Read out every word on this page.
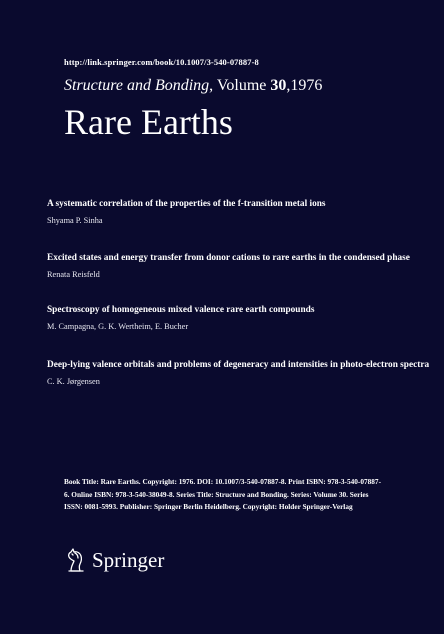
http://link.springer.com/book/10.1007/3-540-07887-8
Structure and Bonding, Volume 30,1976
Rare Earths
A systematic correlation of the properties of the f-transition metal ions
Shyama P. Sinha
Excited states and energy transfer from donor cations to rare earths in the condensed phase
Renata Reisfeld
Spectroscopy of homogeneous mixed valence rare earth compounds
M. Campagna, G. K. Wertheim, E. Bucher
Deep-lying valence orbitals and problems of degeneracy and intensities in photo-electron spectra
C. K. Jørgensen
Book Title: Rare Earths. Copyright: 1976. DOI: 10.1007/3-540-07887-8. Print ISBN: 978-3-540-07887-6. Online ISBN: 978-3-540-38049-8. Series Title: Structure and Bonding. Series: Volume 30. Series ISSN: 0081-5993. Publisher: Springer Berlin Heidelberg. Copyright: Holder Springer-Verlag
Springer
